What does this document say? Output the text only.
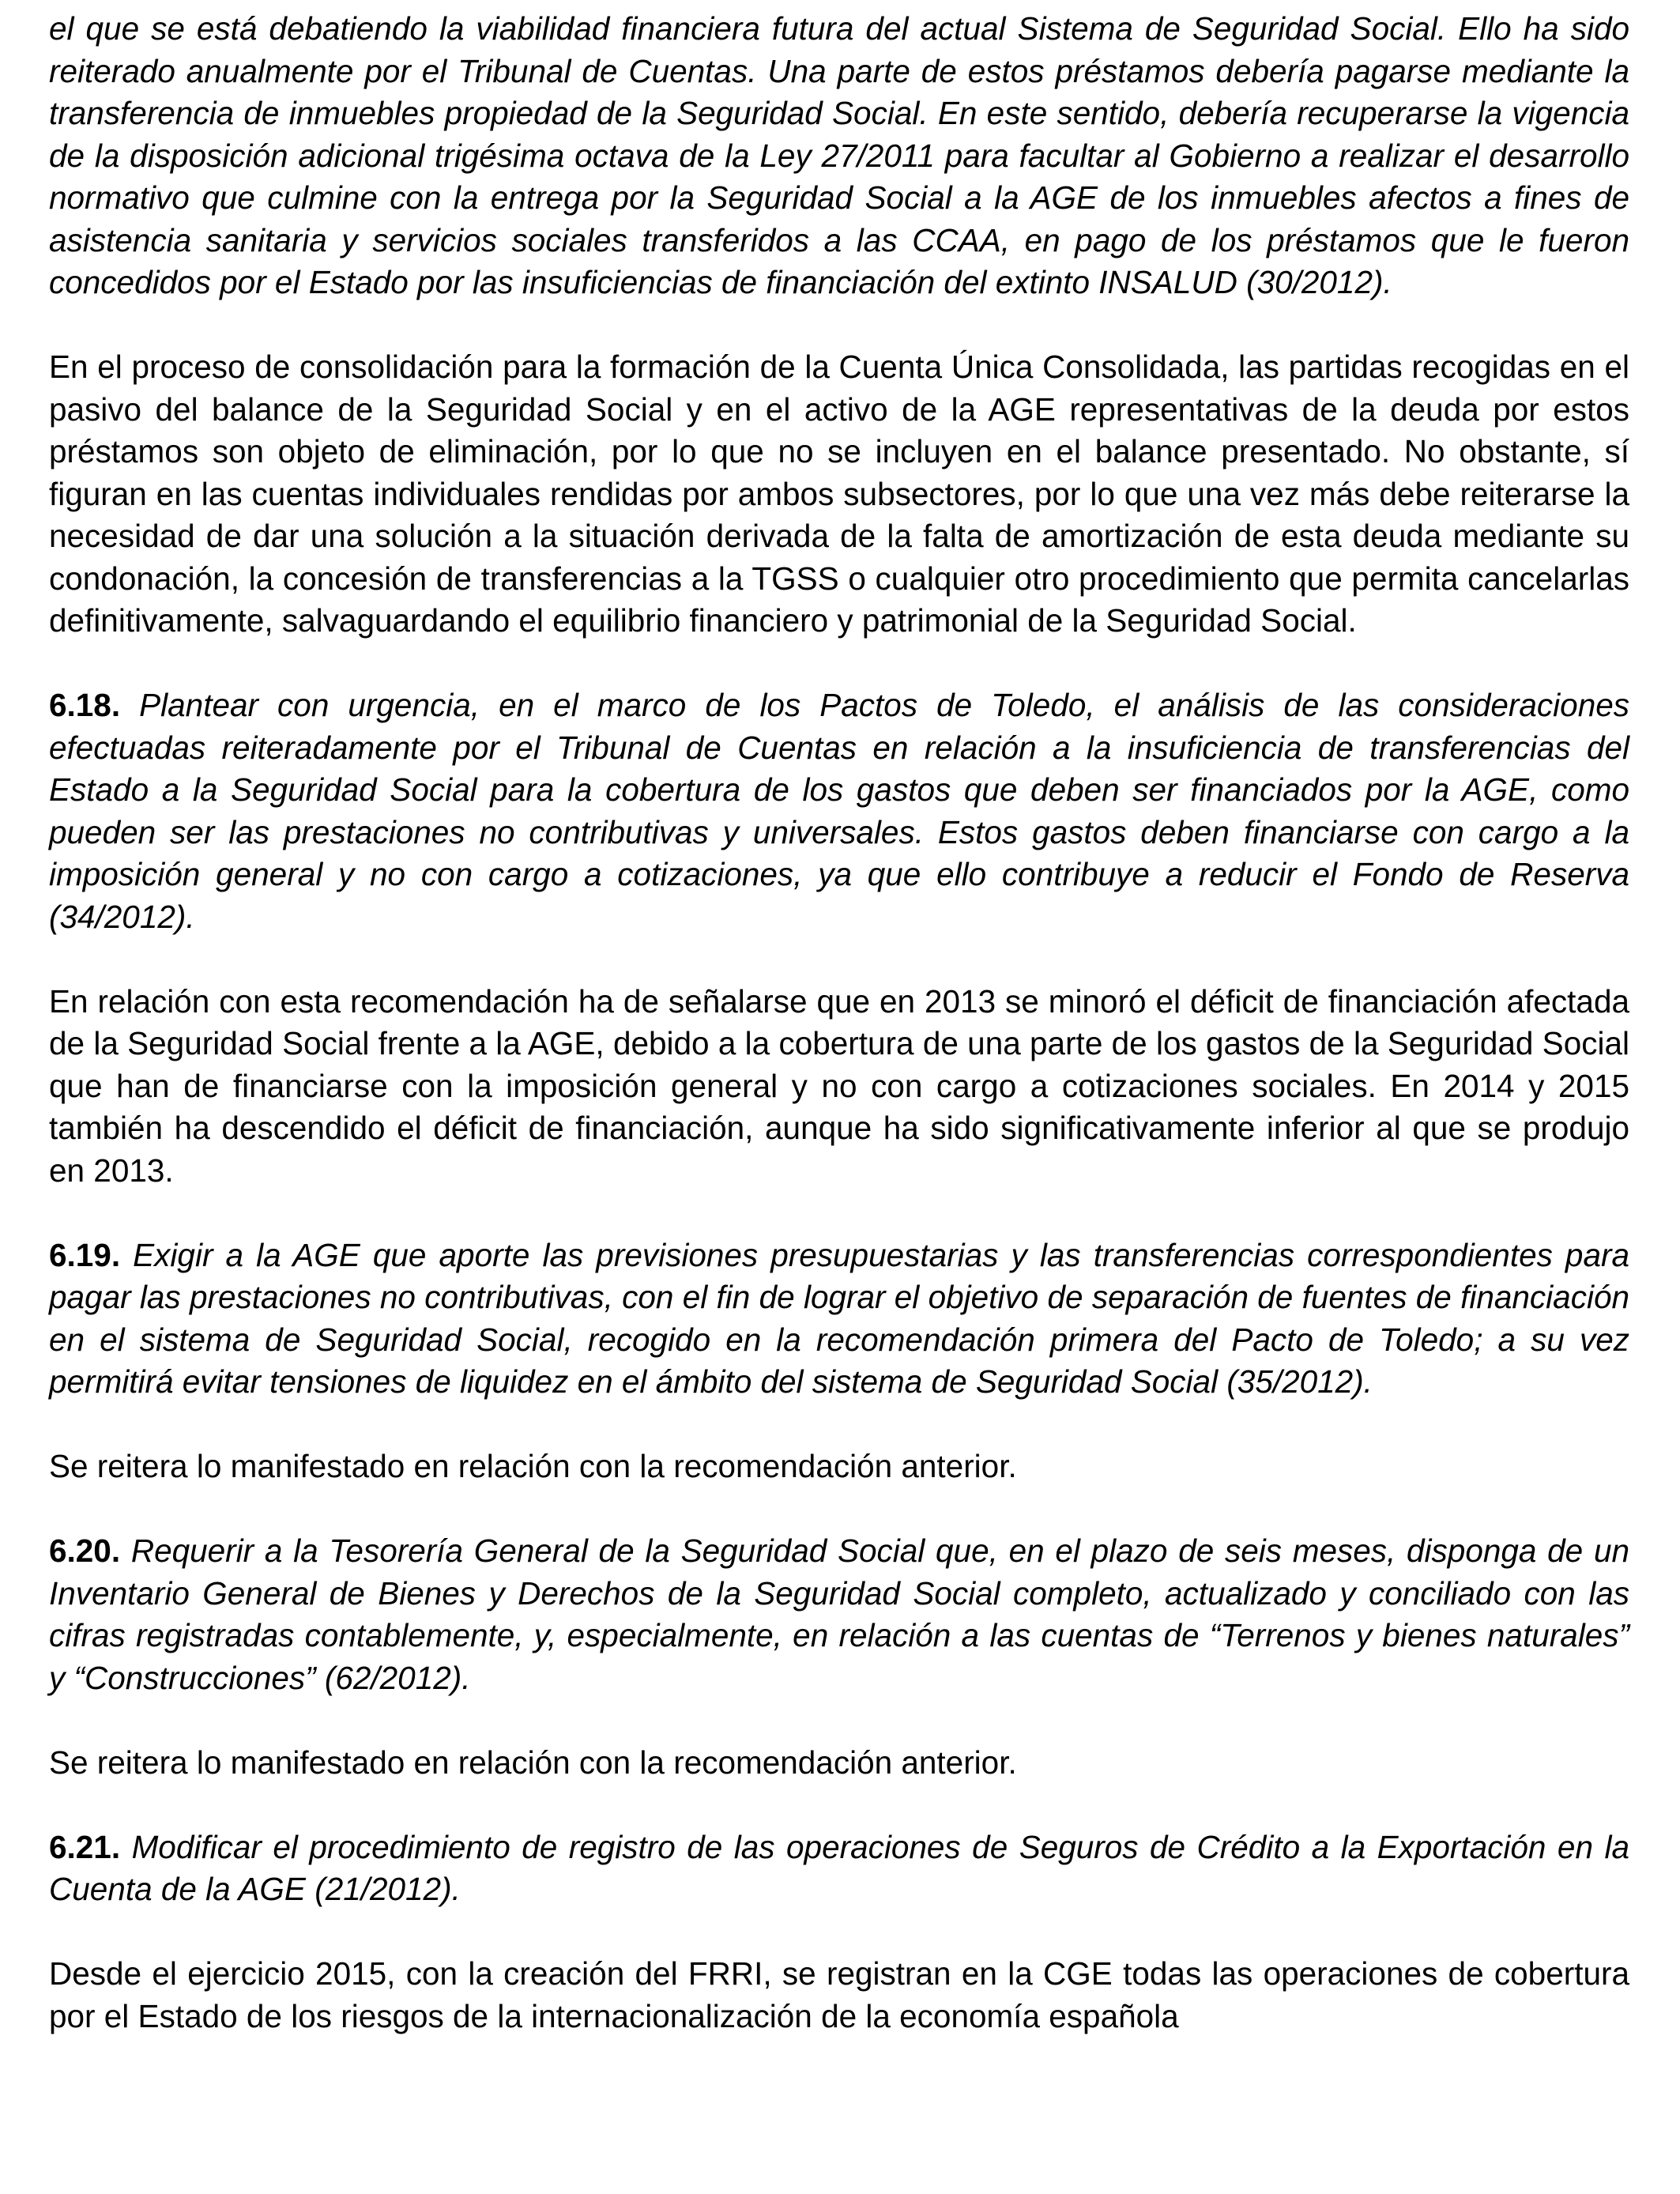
el que se está debatiendo la viabilidad financiera futura del actual Sistema de Seguridad Social. Ello ha sido reiterado anualmente por el Tribunal de Cuentas. Una parte de estos préstamos debería pagarse mediante la transferencia de inmuebles propiedad de la Seguridad Social. En este sentido, debería recuperarse la vigencia de la disposición adicional trigésima octava de la Ley 27/2011 para facultar al Gobierno a realizar el desarrollo normativo que culmine con la entrega por la Seguridad Social a la AGE de los inmuebles afectos a fines de asistencia sanitaria y servicios sociales transferidos a las CCAA, en pago de los préstamos que le fueron concedidos por el Estado por las insuficiencias de financiación del extinto INSALUD (30/2012).

En el proceso de consolidación para la formación de la Cuenta Única Consolidada, las partidas recogidas en el pasivo del balance de la Seguridad Social y en el activo de la AGE representativas de la deuda por estos préstamos son objeto de eliminación, por lo que no se incluyen en el balance presentado. No obstante, sí figuran en las cuentas individuales rendidas por ambos subsectores, por lo que una vez más debe reiterarse la necesidad de dar una solución a la situación derivada de la falta de amortización de esta deuda mediante su condonación, la concesión de transferencias a la TGSS o cualquier otro procedimiento que permita cancelarlas definitivamente, salvaguardando el equilibrio financiero y patrimonial de la Seguridad Social.

6.18. Plantear con urgencia, en el marco de los Pactos de Toledo, el análisis de las consideraciones efectuadas reiteradamente por el Tribunal de Cuentas en relación a la insuficiencia de transferencias del Estado a la Seguridad Social para la cobertura de los gastos que deben ser financiados por la AGE, como pueden ser las prestaciones no contributivas y universales. Estos gastos deben financiarse con cargo a la imposición general y no con cargo a cotizaciones, ya que ello contribuye a reducir el Fondo de Reserva (34/2012).

En relación con esta recomendación ha de señalarse que en 2013 se minoró el déficit de financiación afectada de la Seguridad Social frente a la AGE, debido a la cobertura de una parte de los gastos de la Seguridad Social que han de financiarse con la imposición general y no con cargo a cotizaciones sociales. En 2014 y 2015 también ha descendido el déficit de financiación, aunque ha sido significativamente inferior al que se produjo en 2013.

6.19. Exigir a la AGE que aporte las previsiones presupuestarias y las transferencias correspondientes para pagar las prestaciones no contributivas, con el fin de lograr el objetivo de separación de fuentes de financiación en el sistema de Seguridad Social, recogido en la recomendación primera del Pacto de Toledo; a su vez permitirá evitar tensiones de liquidez en el ámbito del sistema de Seguridad Social (35/2012).

Se reitera lo manifestado en relación con la recomendación anterior.

6.20. Requerir a la Tesorería General de la Seguridad Social que, en el plazo de seis meses, disponga de un Inventario General de Bienes y Derechos de la Seguridad Social completo, actualizado y conciliado con las cifras registradas contablemente, y, especialmente, en relación a las cuentas de “Terrenos y bienes naturales” y “Construcciones” (62/2012).

Se reitera lo manifestado en relación con la recomendación anterior.

6.21. Modificar el procedimiento de registro de las operaciones de Seguros de Crédito a la Exportación en la Cuenta de la AGE (21/2012).

Desde el ejercicio 2015, con la creación del FRRI, se registran en la CGE todas las operaciones de cobertura por el Estado de los riesgos de la internacionalización de la economía española
